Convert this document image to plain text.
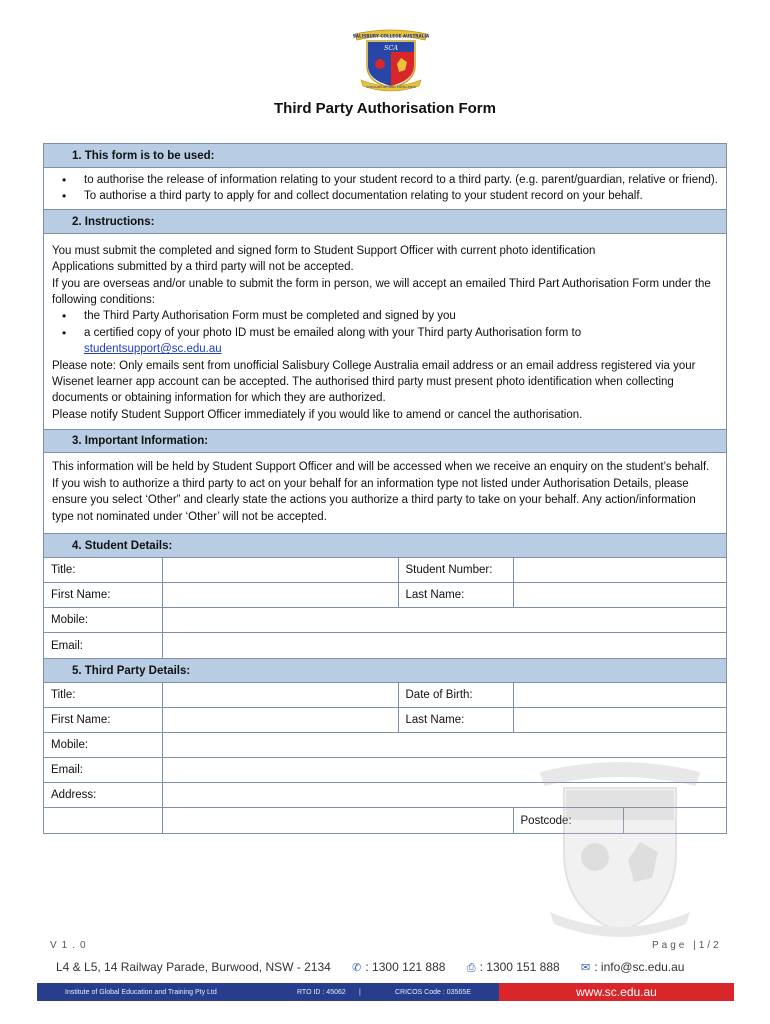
SALISBURY COLLEGE AUSTRALIA
SCA
SCHOLARS BEYOND EXCELLENCE
Third Party Authorisation Form
1. This form is to be used:
• to authorise the release of information relating to your student record to a third party. (e.g. parent/guardian, relative or friend).
• To authorise a third party to apply for and collect documentation relating to your student record on your behalf.
2. Instructions:
You must submit the completed and signed form to Student Support Officer with current photo identification
Applications submitted by a third party will not be accepted.
If you are overseas and/or unable to submit the form in person, we will accept an emailed Third Part Authorisation Form under the following conditions:
• the Third Party Authorisation Form must be completed and signed by you
• a certified copy of your photo ID must be emailed along with your Third party Authorisation form to
studentsupport@sc.edu.au
Please note: Only emails sent from unofficial Salisbury College Australia email address or an email address registered via your Wisenet learner app account can be accepted. The authorised third party must present photo identification when collecting documents or obtaining information for which they are authorized.
Please notify Student Support Officer immediately if you would like to amend or cancel the authorisation.
3. Important Information:
This information will be held by Student Support Officer and will be accessed when we receive an enquiry on the student’s behalf.
If you wish to authorize a third party to act on your behalf for an information type not listed under Authorisation Details, please ensure you select ‘Other” and clearly state the actions you authorize a third party to take on your behalf. Any action/information type not nominated under ‘Other’ will not be accepted.
4. Student Details:
Title:		Student Number:	
First Name:		Last Name:	
Mobile:			
Email:			
5. Third Party Details:
Title:		Date of Birth:		
First Name:		Last Name:		
Mobile:				
Email:				
Address:				
			Postcode:	
V1.0	Page |1/2
L4 & L5, 14 Railway Parade, Burwood, NSW - 2134 ✆ : 1300 121 888 ⎙ : 1300 151 888 ✉ : info@sc.edu.au
Institute of Global Education and Training Pty Ltd	RTO ID : 45062	|	CRICOS Code : 03565E	www.sc.edu.au
